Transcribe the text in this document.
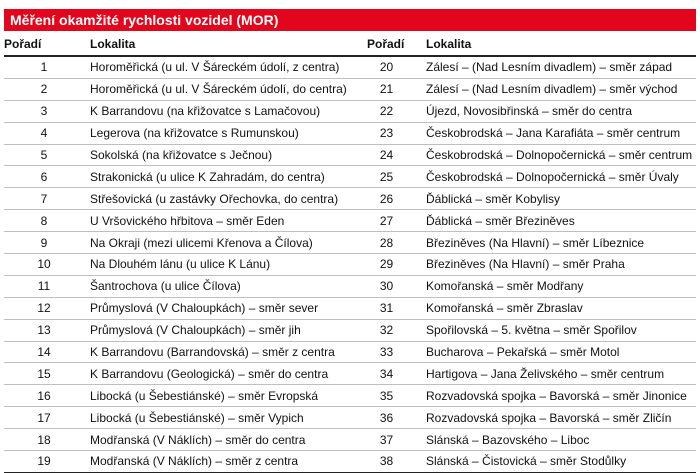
Měření okamžité rychlosti vozidel (MOR)
Pořadí	Lokalita	Pořadí	Lokalita
1	Horoměřická (u ul. V Šáreckém údolí, z centra)	20	Zálesí – (Nad Lesním divadlem) – směr západ
2	Horoměřická (u ul. V Šáreckém údolí, do centra)	21	Zálesí – (Nad Lesním divadlem) – směr východ
3	K Barrandovu (na křižovatce s Lamačovou)	22	Újezd, Novosibřinská – směr do centra
4	Legerova (na křižovatce s Rumunskou)	23	Českobrodská – Jana Karafiáta – směr centrum
5	Sokolská (na křižovatce s Ječnou)	24	Českobrodská – Dolnopočernická – směr centrum
6	Strakonická (u ulice K Zahradám, do centra)	25	Českobrodská – Dolnopočernická – směr Úvaly
7	Střešovická (u zastávky Ořechovka, do centra)	26	Ďáblická – směr Kobylisy
8	U Vršovického hřbitova – směr Eden	27	Ďáblická – směr Březiněves
9	Na Okraji (mezi ulicemi Křenova a Čílova)	28	Březiněves (Na Hlavní) – směr Líbeznice
10	Na Dlouhém lánu (u ulice K Lánu)	29	Březiněves (Na Hlavní) – směr Praha
11	Šantrochova (u ulice Čílova)	30	Komořanská – směr Modřany
12	Průmyslová (V Chaloupkách) – směr sever	31	Komořanská – směr Zbraslav
13	Průmyslová (V Chaloupkách) – směr jih	32	Spořilovská – 5. května – směr Spořilov
14	K Barrandovu (Barrandovská) – směr z centra	33	Bucharova – Pekařská – směr Motol
15	K Barrandovu (Geologická) – směr do centra	34	Hartigova – Jana Želivského – směr centrum
16	Libocká (u Šebestiánské) – směr Evropská	35	Rozvadovská spojka – Bavorská – směr Jinonice
17	Libocká (u Šebestiánské) – směr Vypich	36	Rozvadovská spojka – Bavorská – směr Zličín
18	Modřanská (V Náklích) – směr do centra	37	Slánská – Bazovského – Liboc
19	Modřanská (V Náklích) – směr z centra	38	Slánská – Čistovická – směr Stodůlky
